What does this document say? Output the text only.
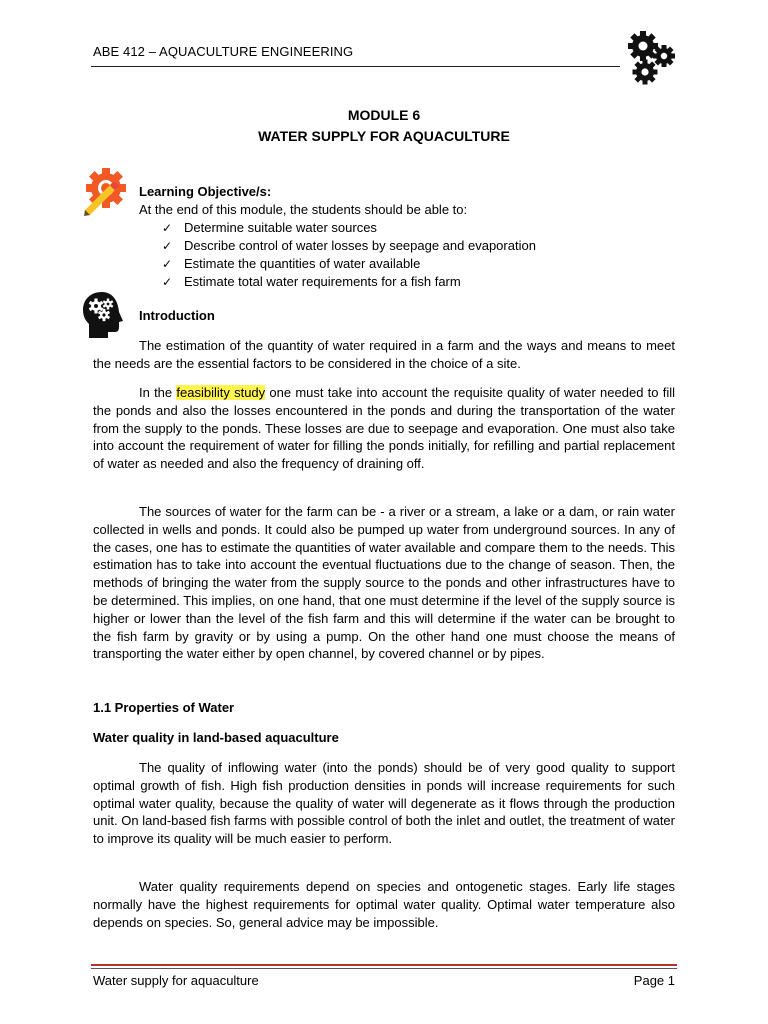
ABE 412 – AQUACULTURE ENGINEERING
MODULE 6
WATER SUPPLY FOR AQUACULTURE
Learning Objective/s:
At the end of this module, the students should be able to:
✓ Determine suitable water sources
✓ Describe control of water losses by seepage and evaporation
✓ Estimate the quantities of water available
✓ Estimate total water requirements for a fish farm
Introduction

The estimation of the quantity of water required in a farm and the ways and means to meet the needs are the essential factors to be considered in the choice of a site.

In the feasibility study one must take into account the requisite quality of water needed to fill the ponds and also the losses encountered in the ponds and during the transportation of the water from the supply to the ponds. These losses are due to seepage and evaporation. One must also take into account the requirement of water for filling the ponds initially, for refilling and partial replacement of water as needed and also the frequency of draining off.

The sources of water for the farm can be - a river or a stream, a lake or a dam, or rain water collected in wells and ponds. It could also be pumped up water from underground sources. In any of the cases, one has to estimate the quantities of water available and compare them to the needs. This estimation has to take into account the eventual fluctuations due to the change of season. Then, the methods of bringing the water from the supply source to the ponds and other infrastructures have to be determined. This implies, on one hand, that one must determine if the level of the supply source is higher or lower than the level of the fish farm and this will determine if the water can be brought to the fish farm by gravity or by using a pump. On the other hand one must choose the means of transporting the water either by open channel, by covered channel or by pipes.

1.1 Properties of Water
Water quality in land-based aquaculture

The quality of inflowing water (into the ponds) should be of very good quality to support optimal growth of fish. High fish production densities in ponds will increase requirements for such optimal water quality, because the quality of water will degenerate as it flows through the production unit. On land-based fish farms with possible control of both the inlet and outlet, the treatment of water to improve its quality will be much easier to perform.

Water quality requirements depend on species and ontogenetic stages. Early life stages normally have the highest requirements for optimal water quality. Optimal water temperature also depends on species. So, general advice may be impossible.

Water supply for aquaculture	Page 1
